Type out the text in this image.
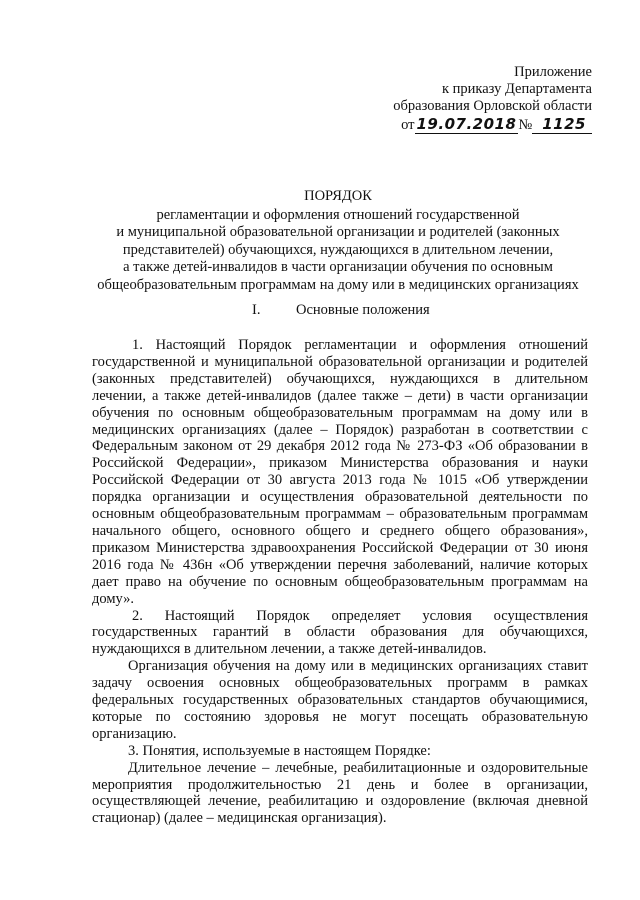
Приложение
к приказу Департамента
образования Орловской области
от 19.07.2018 № 1125
ПОРЯДОК
регламентации и оформления отношений государственной
и муниципальной образовательной организации и родителей (законных
представителей) обучающихся, нуждающихся в длительном лечении,
а также детей-инвалидов в части организации обучения по основным
общеобразовательным программам на дому или в медицинских организациях
I. Основные положения

1. Настоящий Порядок регламентации и оформления отношений государственной и муниципальной образовательной организации и родителей (законных представителей) обучающихся, нуждающихся в длительном лечении, а также детей-инвалидов (далее также – дети) в части организации обучения по основным общеобразовательным программам на дому или в медицинских организациях (далее – Порядок) разработан в соответствии с Федеральным законом от 29 декабря 2012 года № 273-ФЗ «Об образовании в Российской Федерации», приказом Министерства образования и науки Российской Федерации от 30 августа 2013 года № 1015 «Об утверждении порядка организации и осуществления образовательной деятельности по основным общеобразовательным программам – образовательным программам начального общего, основного общего и среднего общего образования», приказом Министерства здравоохранения Российской Федерации от 30 июня 2016 года № 436н «Об утверждении перечня заболеваний, наличие которых дает право на обучение по основным общеобразовательным программам на дому».

2. Настоящий Порядок определяет условия осуществления государственных гарантий в области образования для обучающихся, нуждающихся в длительном лечении, а также детей-инвалидов.

Организация обучения на дому или в медицинских организациях ставит задачу освоения основных общеобразовательных программ в рамках федеральных государственных образовательных стандартов обучающимися, которые по состоянию здоровья не могут посещать образовательную организацию.

3. Понятия, используемые в настоящем Порядке:

Длительное лечение – лечебные, реабилитационные и оздоровительные мероприятия продолжительностью 21 день и более в организации, осуществляющей лечение, реабилитацию и оздоровление (включая дневной стационар) (далее – медицинская организация).
